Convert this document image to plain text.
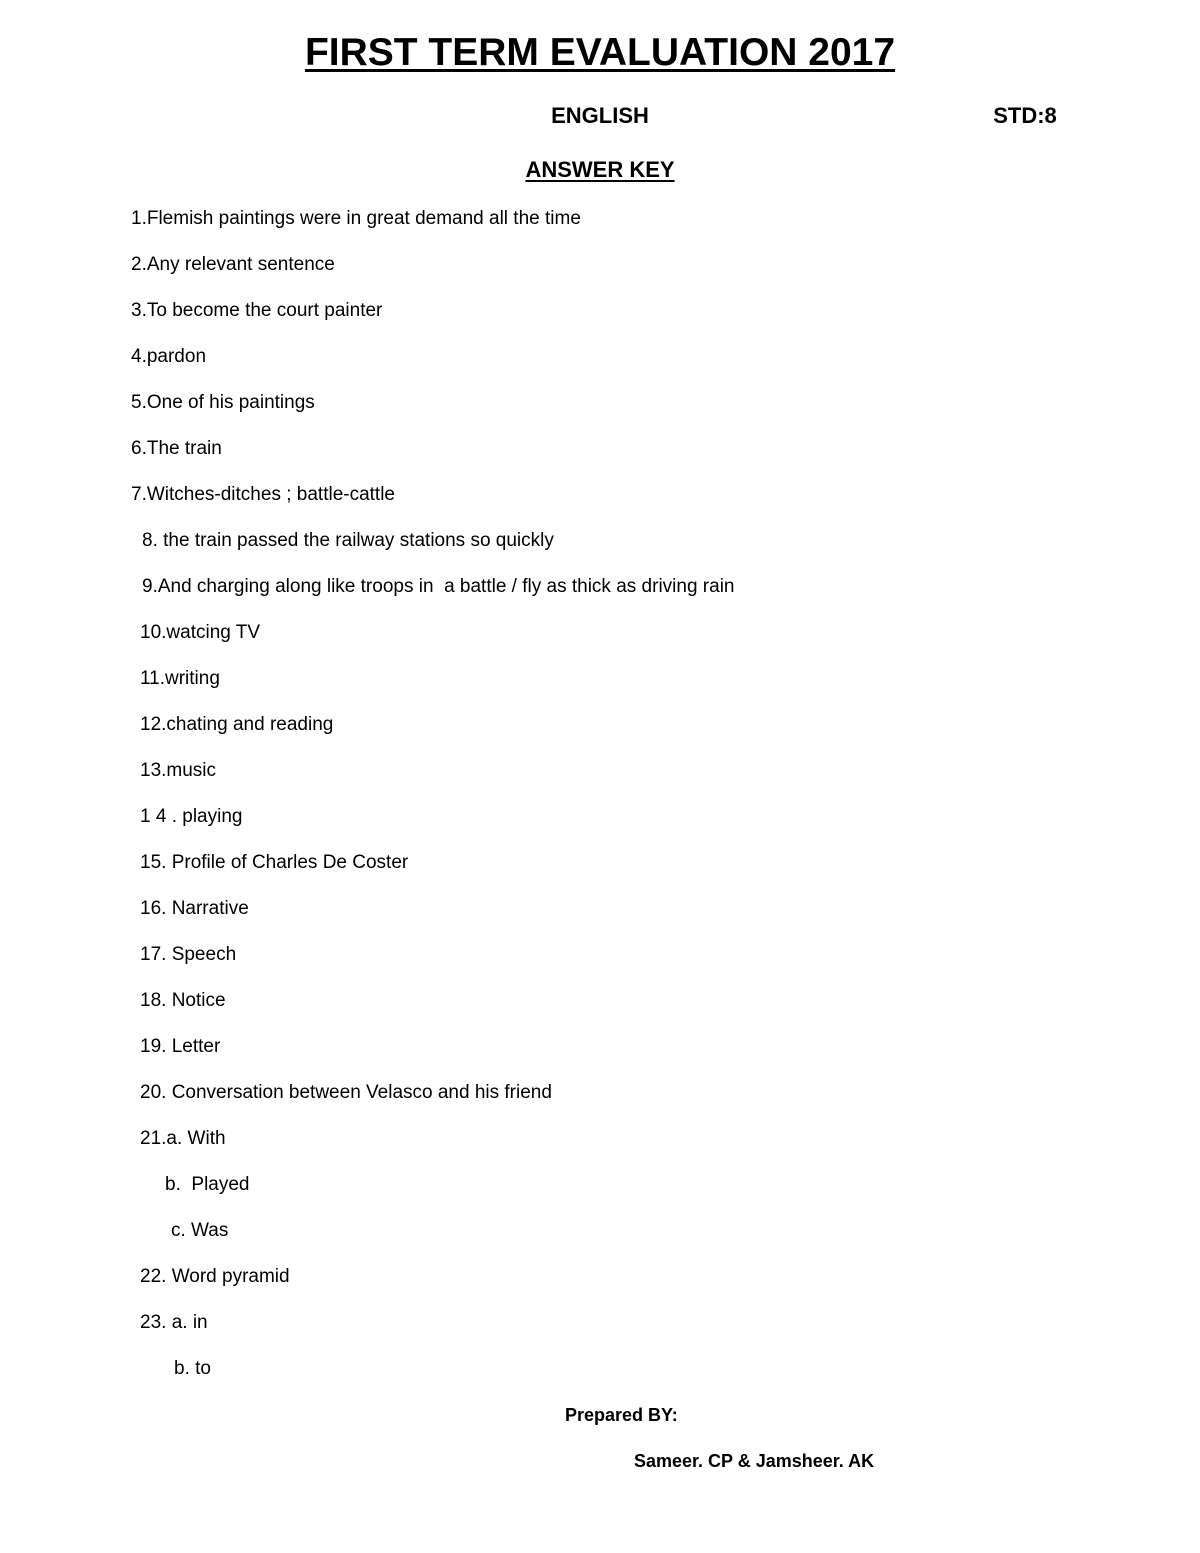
FIRST TERM EVALUATION 2017
ENGLISH	STD:8
ANSWER KEY
1.Flemish paintings were in great demand all the time
2.Any relevant sentence
3.To become the court painter
4.pardon
5.One of his paintings
6.The train
7.Witches-ditches ; battle-cattle
8. the train passed the railway stations so quickly
9.And charging along like troops in  a battle / fly as thick as driving rain
10.watcing TV
11.writing
12.chating and reading
13.music
1 4 . playing
15. Profile of Charles De Coster
16. Narrative
17. Speech
18. Notice
19. Letter
20. Conversation between Velasco and his friend
21.a. With
b.  Played
c. Was
22. Word pyramid
23. a. in
b. to
Prepared BY:
Sameer. CP & Jamsheer. AK
